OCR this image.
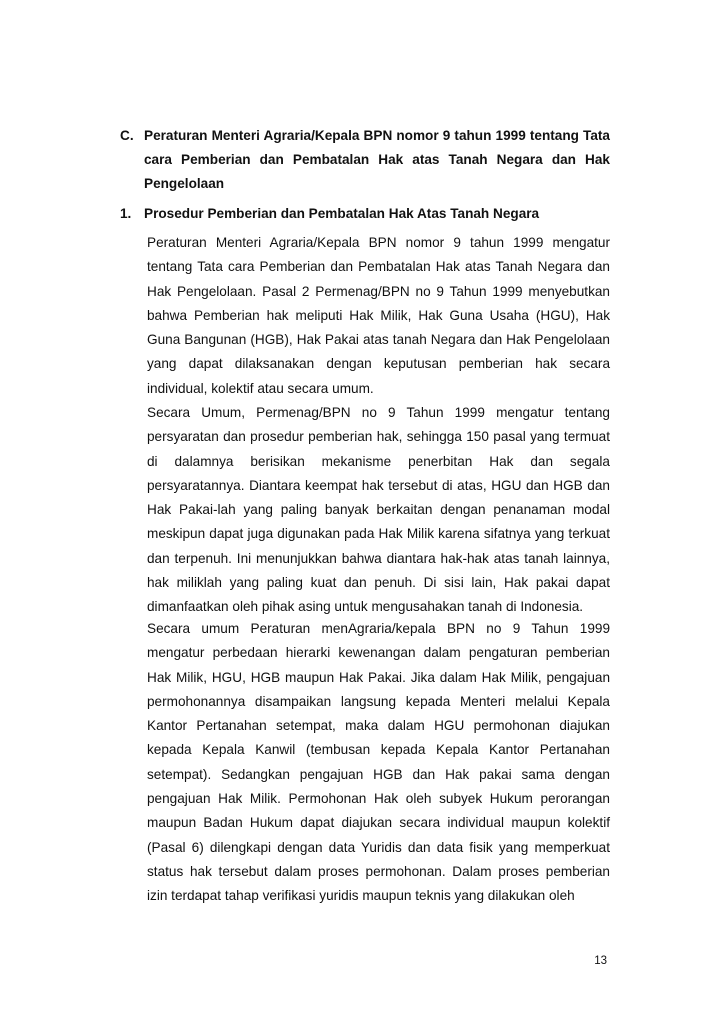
C. Peraturan Menteri Agraria/Kepala BPN nomor 9 tahun 1999 tentang Tata cara Pemberian dan Pembatalan Hak atas Tanah Negara dan Hak Pengelolaan
1. Prosedur Pemberian dan Pembatalan Hak Atas Tanah Negara

Peraturan Menteri Agraria/Kepala BPN nomor 9 tahun 1999 mengatur tentang Tata cara Pemberian dan Pembatalan Hak atas Tanah Negara dan Hak Pengelolaan. Pasal 2 Permenag/BPN no 9 Tahun 1999 menyebutkan bahwa Pemberian hak meliputi Hak Milik, Hak Guna Usaha (HGU), Hak Guna Bangunan (HGB), Hak Pakai atas tanah Negara dan Hak Pengelolaan yang dapat dilaksanakan dengan keputusan pemberian hak secara individual, kolektif atau secara umum.

Secara Umum, Permenag/BPN no 9 Tahun 1999 mengatur tentang persyaratan dan prosedur pemberian hak, sehingga 150 pasal yang termuat di dalamnya berisikan mekanisme penerbitan Hak dan segala persyaratannya. Diantara keempat hak tersebut di atas, HGU dan HGB dan Hak Pakai-lah yang paling banyak berkaitan dengan penanaman modal meskipun dapat juga digunakan pada Hak Milik karena sifatnya yang terkuat dan terpenuh. Ini menunjukkan bahwa diantara hak-hak atas tanah lainnya, hak miliklah yang paling kuat dan penuh. Di sisi lain, Hak pakai dapat dimanfaatkan oleh pihak asing untuk mengusahakan tanah di Indonesia.

Secara umum Peraturan menAgraria/kepala BPN no 9 Tahun 1999 mengatur perbedaan hierarki kewenangan dalam pengaturan pemberian Hak Milik, HGU, HGB maupun Hak Pakai. Jika dalam Hak Milik, pengajuan permohonannya disampaikan langsung kepada Menteri melalui Kepala Kantor Pertanahan setempat, maka dalam HGU permohonan diajukan kepada Kepala Kanwil (tembusan kepada Kepala Kantor Pertanahan setempat). Sedangkan pengajuan HGB dan Hak pakai sama dengan pengajuan Hak Milik. Permohonan Hak oleh subyek Hukum perorangan maupun Badan Hukum dapat diajukan secara individual maupun kolektif (Pasal 6) dilengkapi dengan data Yuridis dan data fisik yang memperkuat status hak tersebut dalam proses permohonan. Dalam proses pemberian izin terdapat tahap verifikasi yuridis maupun teknis yang dilakukan oleh

13
